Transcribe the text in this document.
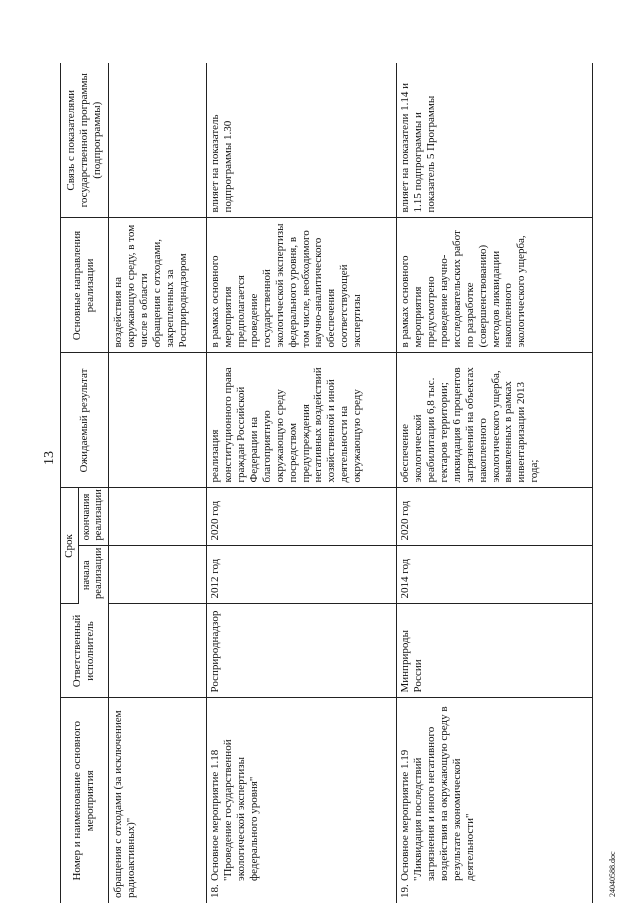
13
Номер и наименование основного мероприятия	Ответственный исполнитель	Срок		Ожидаемый результат	Основные направления реализации	Связь с показателями государственной программы (подпрограммы)
		начала реализации	окончания реализации			
обращения с отходами (за исключением радиоактивных)"					воздействия на окружающую среду, в том числе в области обращения с отходами, закрепленных за Росприроднадзором	
18.Основное мероприятие 1.18 "Проведение государственной экологической экспертизы федерального уровня"	Росприроднадзор	2012 год	2020 год	реализация конституционного права граждан Российской Федерации на благоприятную окружающую среду посредством предупреждения негативных воздействий хозяйственной и иной деятельности на окружающую среду	в рамках основного мероприятия предполагается проведение государственной экологической экспертизы федерального уровня, в том числе, необходимого научно-аналитического обеспечения соответствующей экспертизы	влияет на показатель подпрограммы 1.30
19.Основное мероприятие 1.19 "Ликвидация последствий загрязнения и иного негативного воздействия на окружающую среду в результате экономической деятельности"	Минприроды России	2014 год	2020 год	обеспечение экологической реабилитации 6,8 тыс. гектаров территории; ликвидация 6 процентов загрязнений на объектах накопленного экологического ущерба, выявленных в рамках инвентаризации 2013 года;	в рамках основного мероприятия предусмотрено проведение научно-исследовательских работ по разработке (совершенствованию) методов ликвидации накопленного экологического ущерба,	влияет на показатели 1.14 и 1.15 подпрограммы и показатель 5 Программы
24040588.doc
